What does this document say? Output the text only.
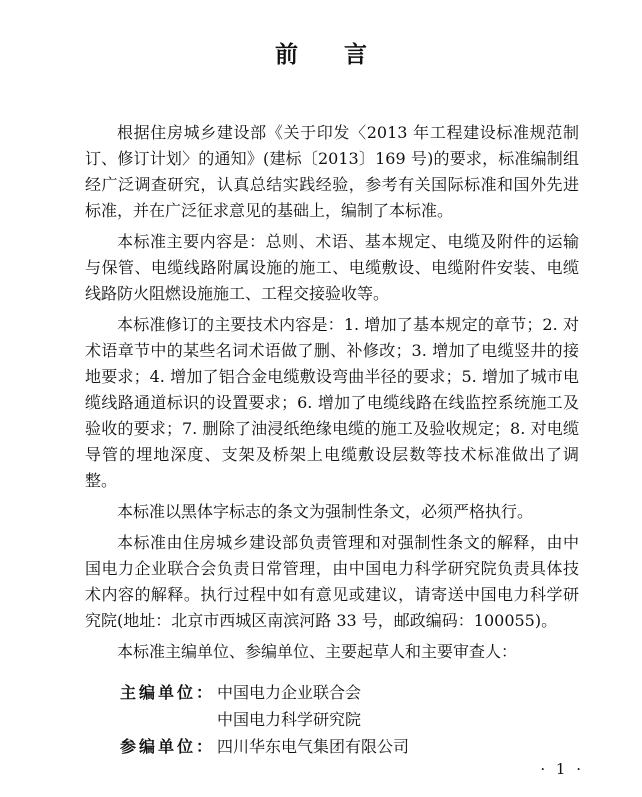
前言

根据住房城乡建设部《关于印发〈2013 年工程建设标准规范制订、修订计划〉的通知》(建标〔2013〕169 号)的要求，标准编制组经广泛调查研究，认真总结实践经验，参考有关国际标准和国外先进标准，并在广泛征求意见的基础上，编制了本标准。

本标准主要内容是：总则、术语、基本规定、电缆及附件的运输与保管、电缆线路附属设施的施工、电缆敷设、电缆附件安装、电缆线路防火阻燃设施施工、工程交接验收等。

本标准修订的主要技术内容是：1. 增加了基本规定的章节；2. 对术语章节中的某些名词术语做了删、补修改；3. 增加了电缆竖井的接地要求；4. 增加了铝合金电缆敷设弯曲半径的要求；5. 增加了城市电缆线路通道标识的设置要求；6. 增加了电缆线路在线监控系统施工及验收的要求；7. 删除了油浸纸绝缘电缆的施工及验收规定；8. 对电缆导管的埋地深度、支架及桥架上电缆敷设层数等技术标准做出了调整。

本标准以黑体字标志的条文为强制性条文，必须严格执行。

本标准由住房城乡建设部负责管理和对强制性条文的解释，由中国电力企业联合会负责日常管理，由中国电力科学研究院负责具体技术内容的解释。执行过程中如有意见或建议，请寄送中国电力科学研究院(地址：北京市西城区南滨河路 33 号，邮政编码：100055)。

本标准主编单位、参编单位、主要起草人和主要审查人：

主编单位： 中国电力企业联合会
中国电力科学研究院
参编单位： 四川华东电气集团有限公司
· 1 ·
